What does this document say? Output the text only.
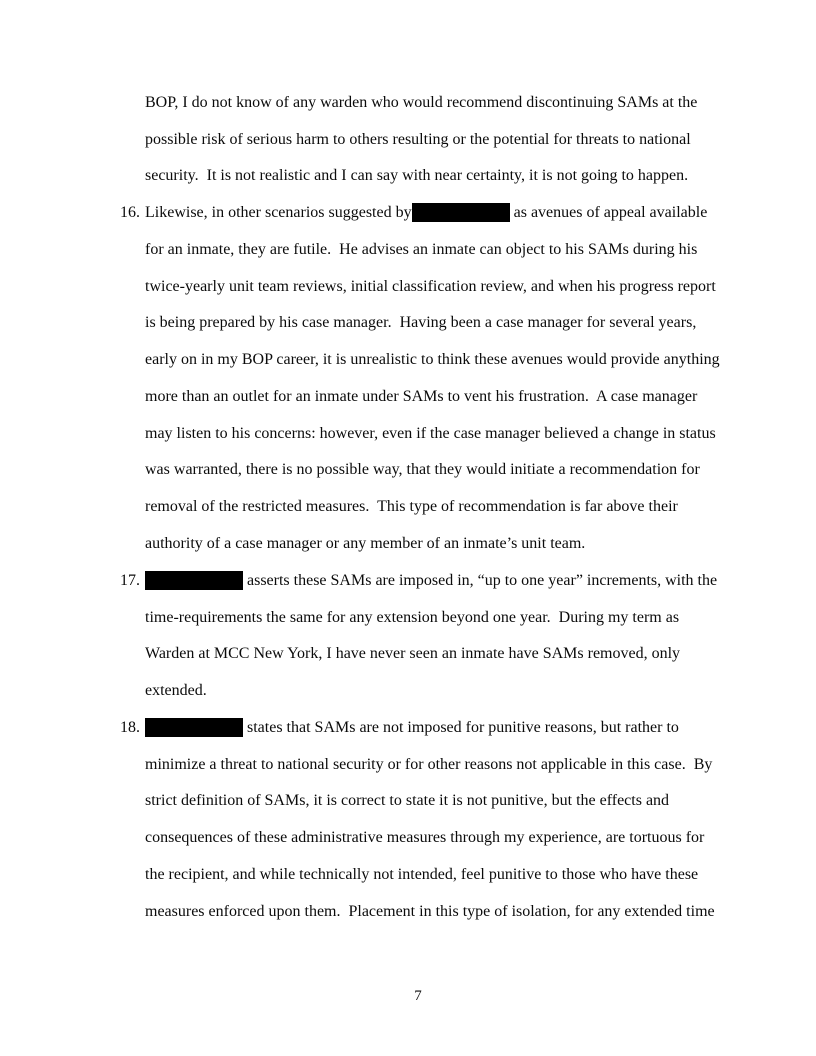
BOP, I do not know of any warden who would recommend discontinuing SAMs at the
possible risk of serious harm to others resulting or the potential for threats to national
security.  It is not realistic and I can say with near certainty, it is not going to happen.
16. Likewise, in other scenarios suggested by	as avenues of appeal available
for an inmate, they are futile.  He advises an inmate can object to his SAMs during his
twice-yearly unit team reviews, initial classification review, and when his progress report
is being prepared by his case manager.  Having been a case manager for several years,
early on in my BOP career, it is unrealistic to think these avenues would provide anything
more than an outlet for an inmate under SAMs to vent his frustration.  A case manager
may listen to his concerns: however, even if the case manager believed a change in status
was warranted, there is no possible way, that they would initiate a recommendation for
removal of the restricted measures.  This type of recommendation is far above their
authority of a case manager or any member of an inmate’s unit team.
17.	asserts these SAMs are imposed in, “up to one year” increments, with the
time-requirements the same for any extension beyond one year.  During my term as
Warden at MCC New York, I have never seen an inmate have SAMs removed, only
extended.
18.	states that SAMs are not imposed for punitive reasons, but rather to
minimize a threat to national security or for other reasons not applicable in this case.  By
strict definition of SAMs, it is correct to state it is not punitive, but the effects and
consequences of these administrative measures through my experience, are tortuous for
the recipient, and while technically not intended, feel punitive to those who have these
measures enforced upon them.  Placement in this type of isolation, for any extended time
7
